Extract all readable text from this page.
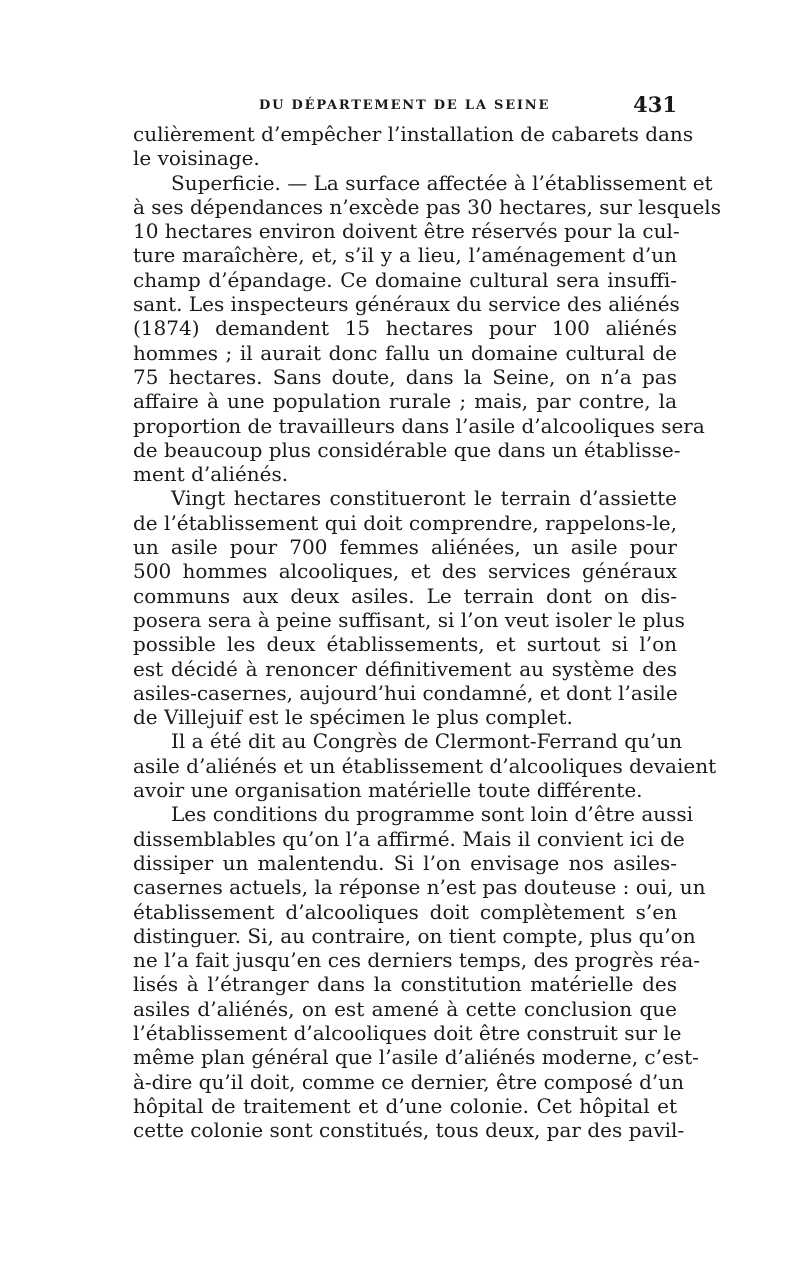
DU DÉPARTEMENT DE LA SEINE	431
culièrement d’empêcher l’installation de cabarets dans
le voisinage.
Superficie. — La surface affectée à l’établissement et
à ses dépendances n’excède pas 30 hectares, sur lesquels
10 hectares environ doivent être réservés pour la cul-
ture maraîchère, et, s’il y a lieu, l’aménagement d’un
champ d’épandage. Ce domaine cultural sera insuffi-
sant. Les inspecteurs généraux du service des aliénés
(1874) demandent 15 hectares pour 100 aliénés
hommes ; il aurait donc fallu un domaine cultural de
75 hectares. Sans doute, dans la Seine, on n’a pas
affaire à une population rurale ; mais, par contre, la
proportion de travailleurs dans l’asile d’alcooliques sera
de beaucoup plus considérable que dans un établisse-
ment d’aliénés.
Vingt hectares constitueront le terrain d’assiette
de l’établissement qui doit comprendre, rappelons-le,
un asile pour 700 femmes aliénées, un asile pour
500 hommes alcooliques, et des services généraux
communs aux deux asiles. Le terrain dont on dis-
posera sera à peine suffisant, si l’on veut isoler le plus
possible les deux établissements, et surtout si l’on
est décidé à renoncer définitivement au système des
asiles-casernes, aujourd’hui condamné, et dont l’asile
de Villejuif est le spécimen le plus complet.
Il a été dit au Congrès de Clermont-Ferrand qu’un
asile d’aliénés et un établissement d’alcooliques devaient
avoir une organisation matérielle toute différente.
Les conditions du programme sont loin d’être aussi
dissemblables qu’on l’a affirmé. Mais il convient ici de
dissiper un malentendu. Si l’on envisage nos asiles-
casernes actuels, la réponse n’est pas douteuse : oui, un
établissement d’alcooliques doit complètement s’en
distinguer. Si, au contraire, on tient compte, plus qu’on
ne l’a fait jusqu’en ces derniers temps, des progrès réa-
lisés à l’étranger dans la constitution matérielle des
asiles d’aliénés, on est amené à cette conclusion que
l’établissement d’alcooliques doit être construit sur le
même plan général que l’asile d’aliénés moderne, c’est-
à-dire qu’il doit, comme ce dernier, être composé d’un
hôpital de traitement et d’une colonie. Cet hôpital et
cette colonie sont constitués, tous deux, par des pavil-
